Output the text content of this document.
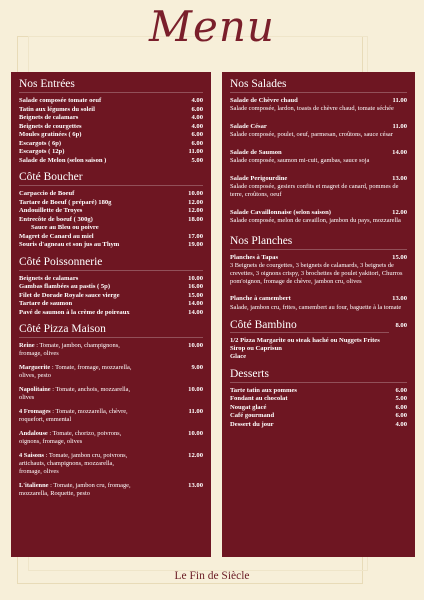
Menu
Nos Entrées
Salade composée tomate oeuf	4.00
Tatin aux légumes du soleil	6.00
Beignets de calamars	4.00
Beignets de courgettes	4.00
Moules gratinées ( 6p)	6.00
Escargots ( 6p)	6.00
Escargots ( 12p)	11.00
Salade de Melon (selon saison )	5.00
Côté Boucher
Carpaccio de Boeuf	10.00
Tartare de Boeuf ( préparé) 180g	12.00
Andouillette de Troyes	12.00
Entrecôte de boeuf ( 300g)	18.00
Sauce au Bleu ou poivre
Magret de Canard au miel	17.00
Souris d'agneau et son jus au Thym	19.00
Côté Poissonnerie
Beignets de calamars	10.00
Gambas flambées au pastis ( 5p)	16.00
Filet de Dorade Royale sauce vierge	15.00
Tartare de saumon	14.00
Pavé de saumon à la crème de poireaux	14.00
Côté Pizza Maison
Reine : Tomate, jambon, champignons,	10.00
fromage, olives
Marguerite : Tomate, fromage, mozzarella,	9.00
olives, pesto
Napolitaine : Tomate, anchois, mozzarella,	10.00
olives
4 Fromages : Tomate, mozzarella, chèvre,	11.00
roquefort, emmental
Andalouse : Tomate, chorizo, poivrons,	10.00
oignons, fromage, olives
4 Saisons : Tomate, jambon cru, poivrons,	12.00
artichauts, champignons, mozzarella,
fromage, olives
L'italienne : Tomate, jambon cru, fromage,	13.00
mozzarella, Roquette, pesto
Nos Salades
Salade de Chèvre chaud	11.00
Salade composée, lardon, toasts de chèvre chaud, tomate séchée
Salade César	11.00
Salade composée, poulet, oeuf, parmesan, croûtons, sauce césar
Salade de Saumon	14.00
Salade composée, saumon mi-cuit, gambas, sauce soja
Salade Perigourdine	13.00
Salade composée, gesiers confits et magret de canard, pommes de terre, croûtons, oeuf
Salade Cavaillonnaise (selon saison)	12.00
Salade composée, melon de cavaillon, jambon du pays, mozzarella
Nos Planches
Planches à Tapas	15.00
3 Beignets de courgettes, 3 beignets de calamards, 3 beignets de crevettes, 3 oignons crispy, 3 brochettes de poulet yakitori, Churros pom'oignon, fromage de chèvre, jambon cru, olives
Planche à camembert	13.00
Salade, jambon cru, frites, camembert au four, baguette à la tomate
Côté Bambino	8.00
1/2 Pizza Margarite ou steak haché ou Nuggets Frites
Sirop ou Caprisun
Glace
Desserts
Tarte tatin aux pommes	6.00
Fondant au chocolat	5.00
Nougat glacé	6.00
Café gourmand	6.00
Dessert du jour	4.00
Le Fin de Siècle
